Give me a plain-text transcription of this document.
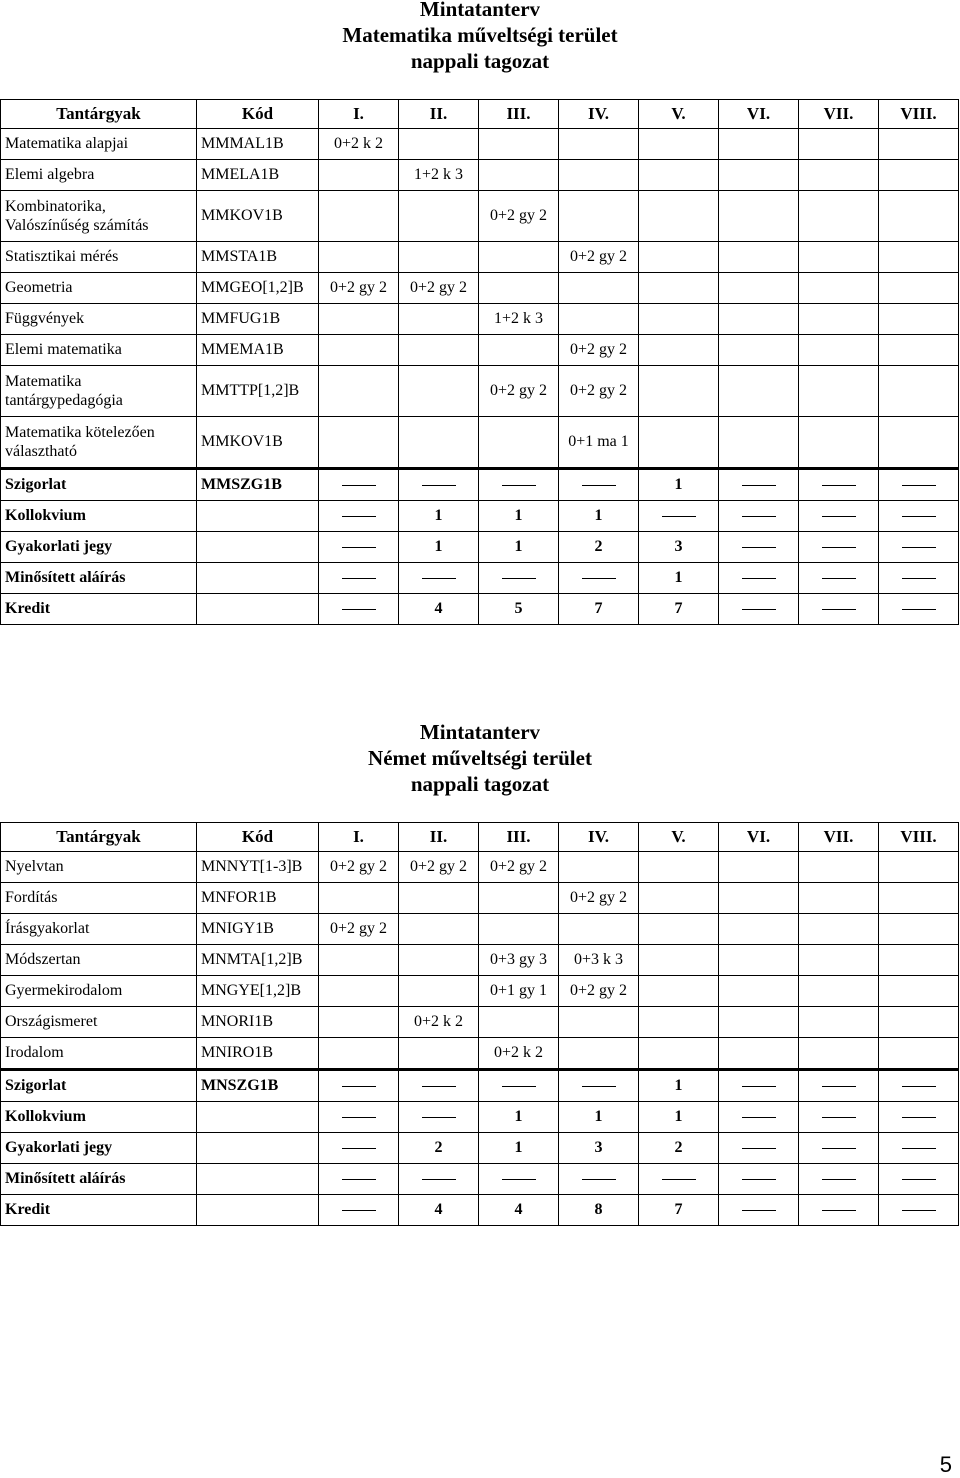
Mintatanterv
Matematika műveltségi terület
nappali tagozat
Tantárgyak	Kód	I.	II.	III.	IV.	V.	VI.	VII.	VIII.
Matematika alapjai	MMMAL1B	0+2 k 2							
Elemi algebra	MMELA1B		1+2 k 3						
Kombinatorika, Valószínűség számítás	MMKOV1B			0+2 gy 2					
Statisztikai mérés	MMSTA1B				0+2 gy 2				
Geometria	MMGEO[1,2]B	0+2 gy 2	0+2 gy 2						
Függvények	MMFUG1B			1+2 k 3					
Elemi matematika	MMEMA1B				0+2 gy 2				
Matematika tantárgypedagógia	MMTTP[1,2]B			0+2 gy 2	0+2 gy 2				
Matematika kötelezően választható	MMKOV1B				0+1 ma 1				
Szigorlat	MMSZG1B					1			
Kollokvium			1	1	1				
Gyakorlati jegy			1	1	2	3			
Minősített aláírás						1			
Kredit			4	5	7	7			
Mintatanterv
Német műveltségi terület
nappali tagozat
Tantárgyak	Kód	I.	II.	III.	IV.	V.	VI.	VII.	VIII.
Nyelvtan	MNNYT[1-3]B	0+2 gy 2	0+2 gy 2	0+2 gy 2					
Fordítás	MNFOR1B				0+2 gy 2				
Írásgyakorlat	MNIGY1B	0+2 gy 2							
Módszertan	MNMTA[1,2]B			0+3 gy 3	0+3 k 3				
Gyermekirodalom	MNGYE[1,2]B			0+1 gy 1	0+2 gy 2				
Országismeret	MNORI1B		0+2 k 2						
Irodalom	MNIRO1B			0+2 k 2					
Szigorlat	MNSZG1B					1			
Kollokvium				1	1	1			
Gyakorlati jegy			2	1	3	2			
Minősített aláírás									
Kredit			4	4	8	7			
5
